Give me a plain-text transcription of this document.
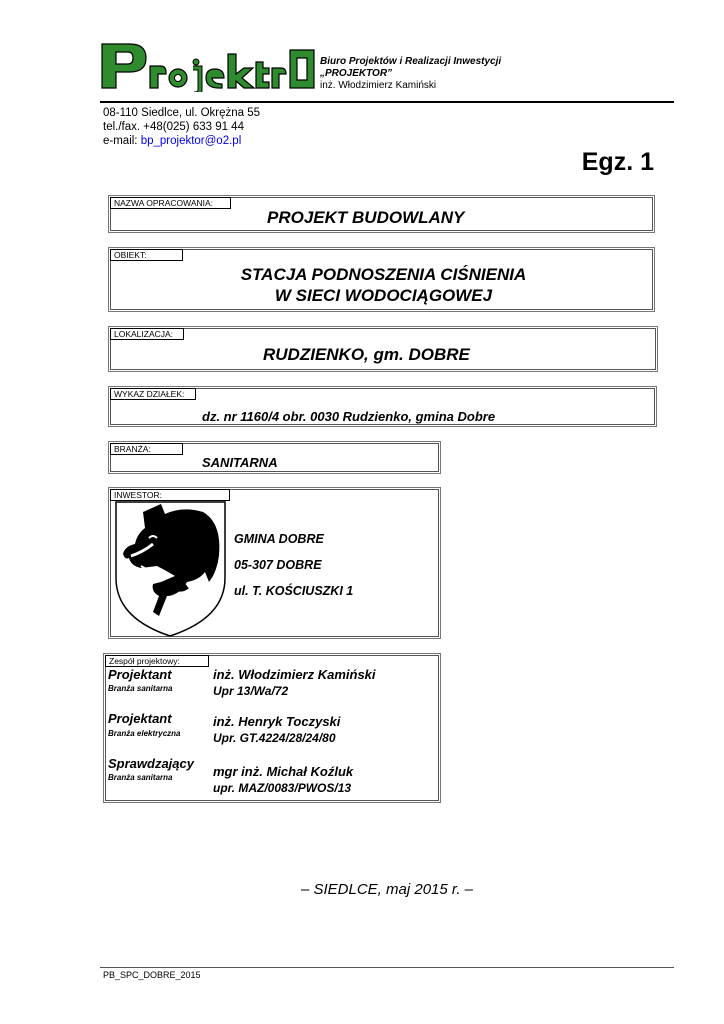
Biuro Projektów i Realizacji Inwestycji
„PROJEKTOR”
inż. Włodzimierz Kamiński
08-110 Siedlce, ul. Okrężna 55
tel./fax. +48(025) 633 91 44
e-mail: bp_projektor@o2.pl
Egz. 1
NAZWA OPRACOWANIA:
PROJEKT BUDOWLANY
OBIEKT:
STACJA PODNOSZENIA CIŚNIENIA
W SIECI WODOCIĄGOWEJ
LOKALIZACJA:
RUDZIENKO, gm. DOBRE
WYKAZ DZIAŁEK:
dz. nr 1160/4 obr. 0030 Rudzienko, gmina Dobre
BRANŻA:
SANITARNA
INWESTOR:
GMINA DOBRE
05-307 DOBRE
ul. T. KOŚCIUSZKI 1
Zespół projektowy:
Projektant
Branża sanitarna
inż. Włodzimierz Kamiński
Upr 13/Wa/72
Projektant
Branża elektryczna
inż. Henryk Toczyski
Upr. GT.4224/28/24/80
Sprawdzający
Branża sanitarna	mgr inż. Michał Koźluk
upr. MAZ/0083/PWOS/13
– SIEDLCE, maj 2015 r. –
PB_SPC_DOBRE_2015
